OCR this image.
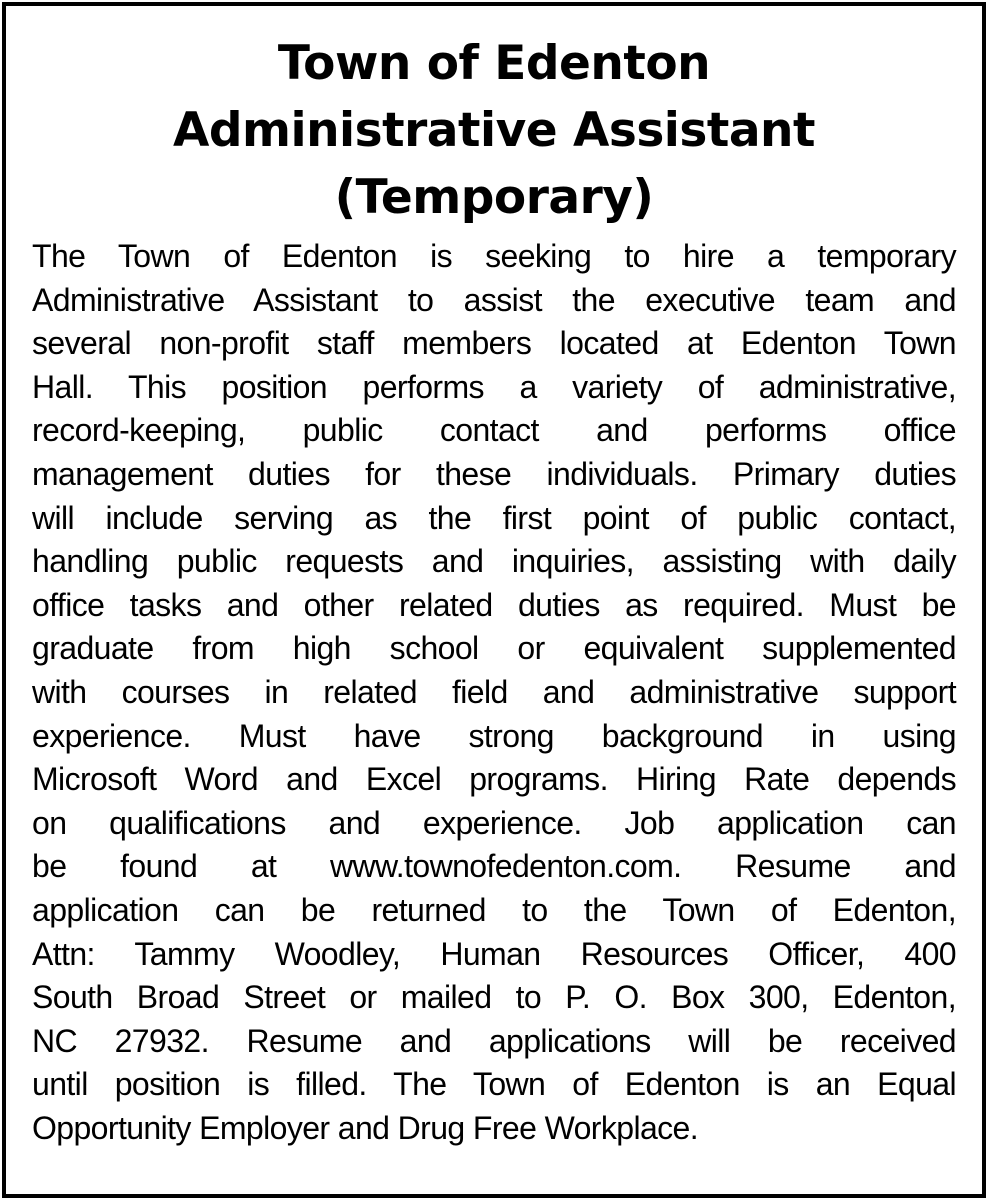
Town of Edenton
Administrative Assistant
(Temporary)
The Town of Edenton is seeking to hire a temporary
Administrative Assistant to assist the executive team and
several non-profit staff members located at Edenton Town
Hall. This position performs a variety of administrative,
record-keeping, public contact and performs office
management duties for these individuals. Primary duties
will include serving as the first point of public contact,
handling public requests and inquiries, assisting with daily
office tasks and other related duties as required. Must be
graduate from high school or equivalent supplemented
with courses in related field and administrative support
experience. Must have strong background in using
Microsoft Word and Excel programs. Hiring Rate depends
on qualifications and experience. Job application can
be found at www.townofedenton.com. Resume and
application can be returned to the Town of Edenton,
Attn: Tammy Woodley, Human Resources Officer, 400
South Broad Street or mailed to P. O. Box 300, Edenton,
NC 27932. Resume and applications will be received
until position is filled. The Town of Edenton is an Equal
Opportunity Employer and Drug Free Workplace.
